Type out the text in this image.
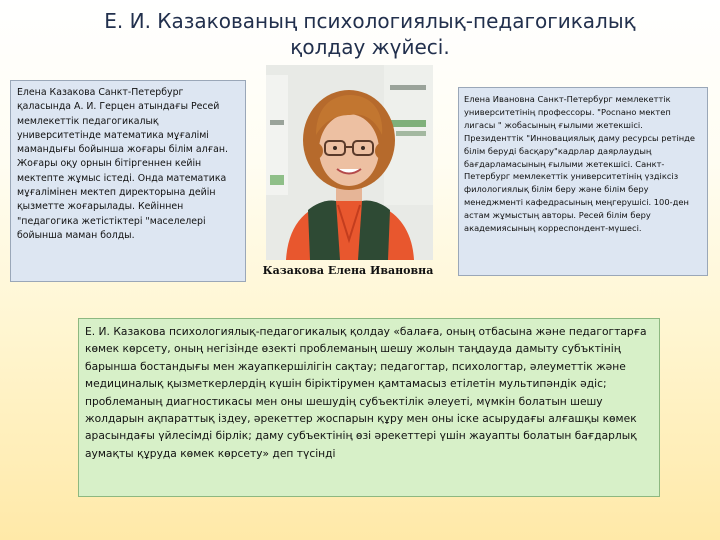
Е. И. Казакованың психологиялық-педагогикалық
қолдау жүйесі.
Елена Казакова Санкт-Петербург қаласында А. И. Герцен атындағы Ресей мемлекеттік педагогикалық университетінде математика мұғалімі мамандығы бойынша жоғары білім алған. Жоғары оқу орнын бітіргеннен кейін мектепте жұмыс істеді. Онда математика мұғалімінен мектеп директорына дейін қызметте жоғарылады. Кейіннен "педагогика жетістіктері "маселелері бойынша маман болды.
Казакова Елена Ивановна
Елена Ивановна Санкт-Петербург мемлекеттік университетінің профессоры. "Росnано мектеп лигасы " жобасының ғылыми жетекшісі. Президенттік "Инновациялық даму ресурсы ретінде білім беруді басқару"кадрлар даярлаудың бағдарламасының ғылыми жетекшісі. Санкт-Петербург мемлекеттік университетінің үздіксіз филологиялық білім беру және білім беру менеджменті кафедрасының меңгерушісі. 100-ден астам жұмыстың авторы. Ресей білім беру академиясының корреспондент-мүшесі.
Е. И. Казакова психологиялық-педагогикалық қолдау «балаға, оның отбасына және педагогтарға көмек көрсету, оның негізінде өзекті проблеманың шешу жолын таңдауда дамыту субъктінің барынша бостандығы мен жауапкершілігін сақтау; педагогтар, психологтар, әлеуметтік және медициналық қызметкерлердің күшін біріктірумен қамтамасыз етілетін мультипәндік әдіс; проблеманың диагностикасы мен оны шешудің субъектілік әлеуеті, мүмкін болатын шешу жолдарын ақпараттық іздеу, әрекеттер жоспарын құру мен оны іске асырудағы алғашқы көмек арасындағы үйлесімді бірлік; даму субъектінің өзі әрекеттері үшін жауапты болатын бағдарлық аумақты құруда көмек көрсету» деп түсіндi
